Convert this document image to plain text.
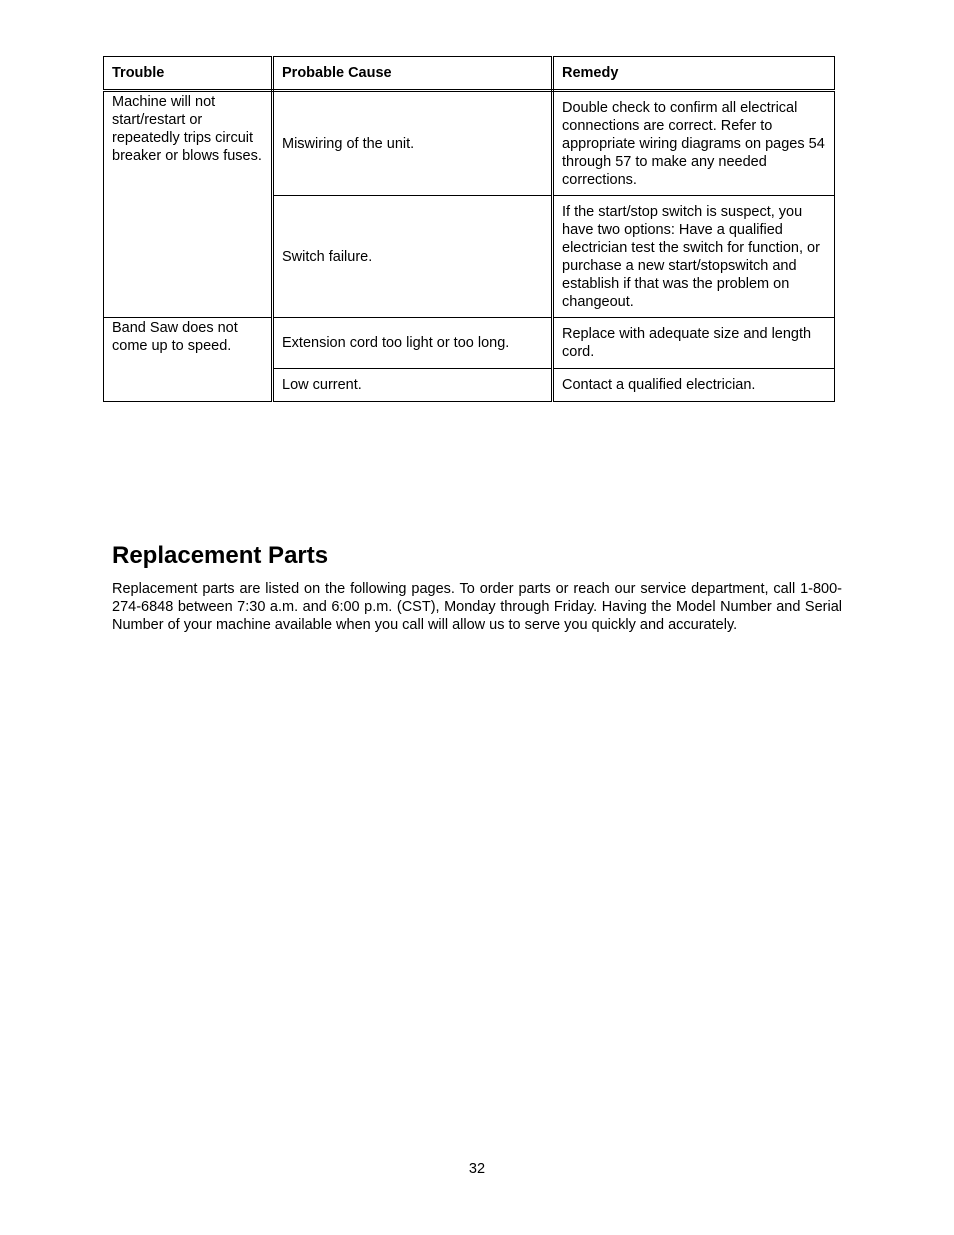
Trouble	Probable Cause	Remedy
Machine will not start/restart or repeatedly trips circuit breaker or blows fuses.	Miswiring of the unit.	Double check to confirm all electrical connections are correct. Refer to appropriate wiring diagrams on pages 54 through 57 to make any needed corrections.
	Switch failure.	If the start/stop switch is suspect, you have two options: Have a qualified electrician test the switch for function, or purchase a new start/stopswitch and establish if that was the problem on changeout.
Band Saw does not come up to speed.	Extension cord too light or too long.	Replace with adequate size and length cord.
	Low current.	Contact a qualified electrician.
Replacement Parts

Replacement parts are listed on the following pages. To order parts or reach our service department, call 1-800-274-6848 between 7:30 a.m. and 6:00 p.m. (CST), Monday through Friday. Having the Model Number and Serial Number of your machine available when you call will allow us to serve you quickly and accurately.

32
